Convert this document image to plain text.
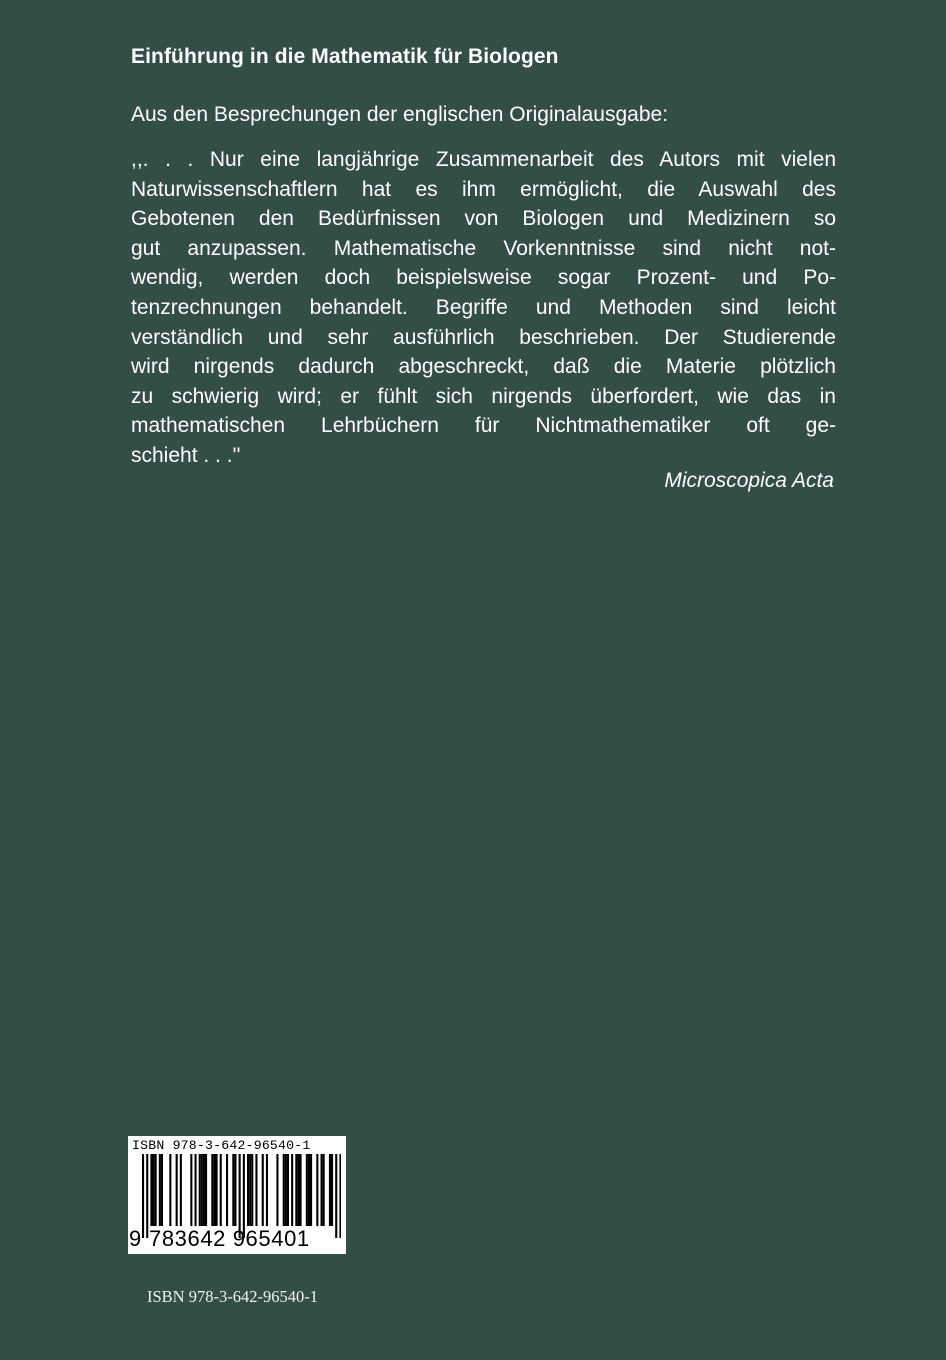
Einführung in die Mathematik für Biologen
Aus den Besprechungen der englischen Originalausgabe:
,,. . . Nur eine langjährige Zusammenarbeit des Autors mit vielen
Naturwissenschaftlern hat es ihm ermöglicht, die Auswahl des
Gebotenen den Bedürfnissen von Biologen und Medizinern so
gut anzupassen. Mathematische Vorkenntnisse sind nicht not-
wendig, werden doch beispielsweise sogar Prozent- und Po-
tenzrechnungen behandelt. Begriffe und Methoden sind leicht
verständlich und sehr ausführlich beschrieben. Der Studierende
wird nirgends dadurch abgeschreckt, daß die Materie plötzlich
zu schwierig wird; er fühlt sich nirgends überfordert, wie das in
mathematischen Lehrbüchern für Nichtmathematiker oft ge-
schieht . . .''
Microscopica Acta
ISBN 978-3-642-96540-1
9 783642 965401
ISBN 978-3-642-96540-1
